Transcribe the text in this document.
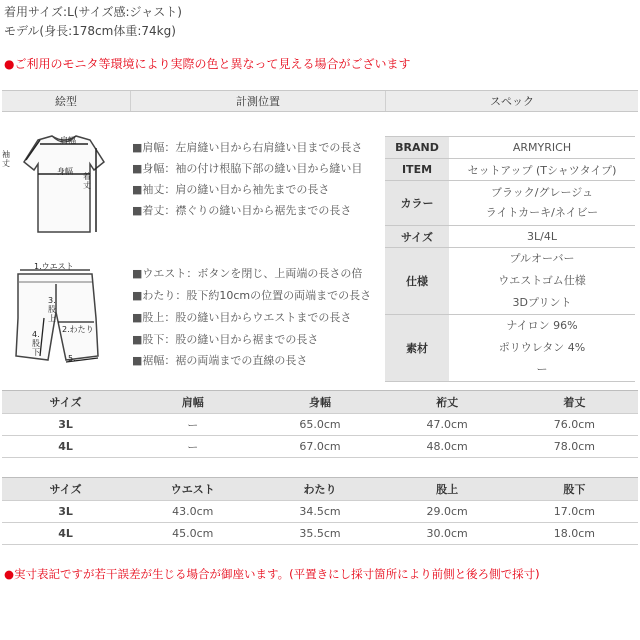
着用サイズ:L(サイズ感:ジャスト)
モデル(身長:178cm体重:74kg)
●ご利用のモニタ等環境により実際の色と異なって見える場合がございます
絵型	計測位置	スペック
肩幅
袖丈
身幅
着丈
1.ウエスト
2.わたり
3.股上
4.股下
5.
■肩幅：左肩縫い目から右肩縫い目までの長さ
■身幅：袖の付け根脇下部の縫い目から縫い目
■袖丈：肩の縫い目から袖先までの長さ
■着丈：襟ぐりの縫い目から裾先までの長さ
■ウエスト：ボタンを閉じ、上両端の長さの倍
■わたり：股下約10cmの位置の両端までの長さ
■股上：股の縫い目からウエストまでの長さ
■股下：股の縫い目から裾までの長さ
■裾幅：裾の両端までの直線の長さ
BRAND	ARMYRICH
ITEM	セットアップ (Tシャツタイプ)
カラー	ブラック/グレージュ
ライトカーキ/ネイビー

サイズ	3L/4L
仕様	プルオーバー
ウエストゴム仕様
3Dプリント

素材	ナイロン 96%
ポリウレタン 4%
ー
サイズ	肩幅	身幅	裄丈	着丈
3L	ー	65.0cm	47.0cm	76.0cm
4L	ー	67.0cm	48.0cm	78.0cm
サイズ	ウエスト	わたり	股上	股下
3L	43.0cm	34.5cm	29.0cm	17.0cm
4L	45.0cm	35.5cm	30.0cm	18.0cm
●実寸表記ですが若干誤差が生じる場合が御座います。(平置きにし採寸箇所により前側と後ろ側で採寸)
